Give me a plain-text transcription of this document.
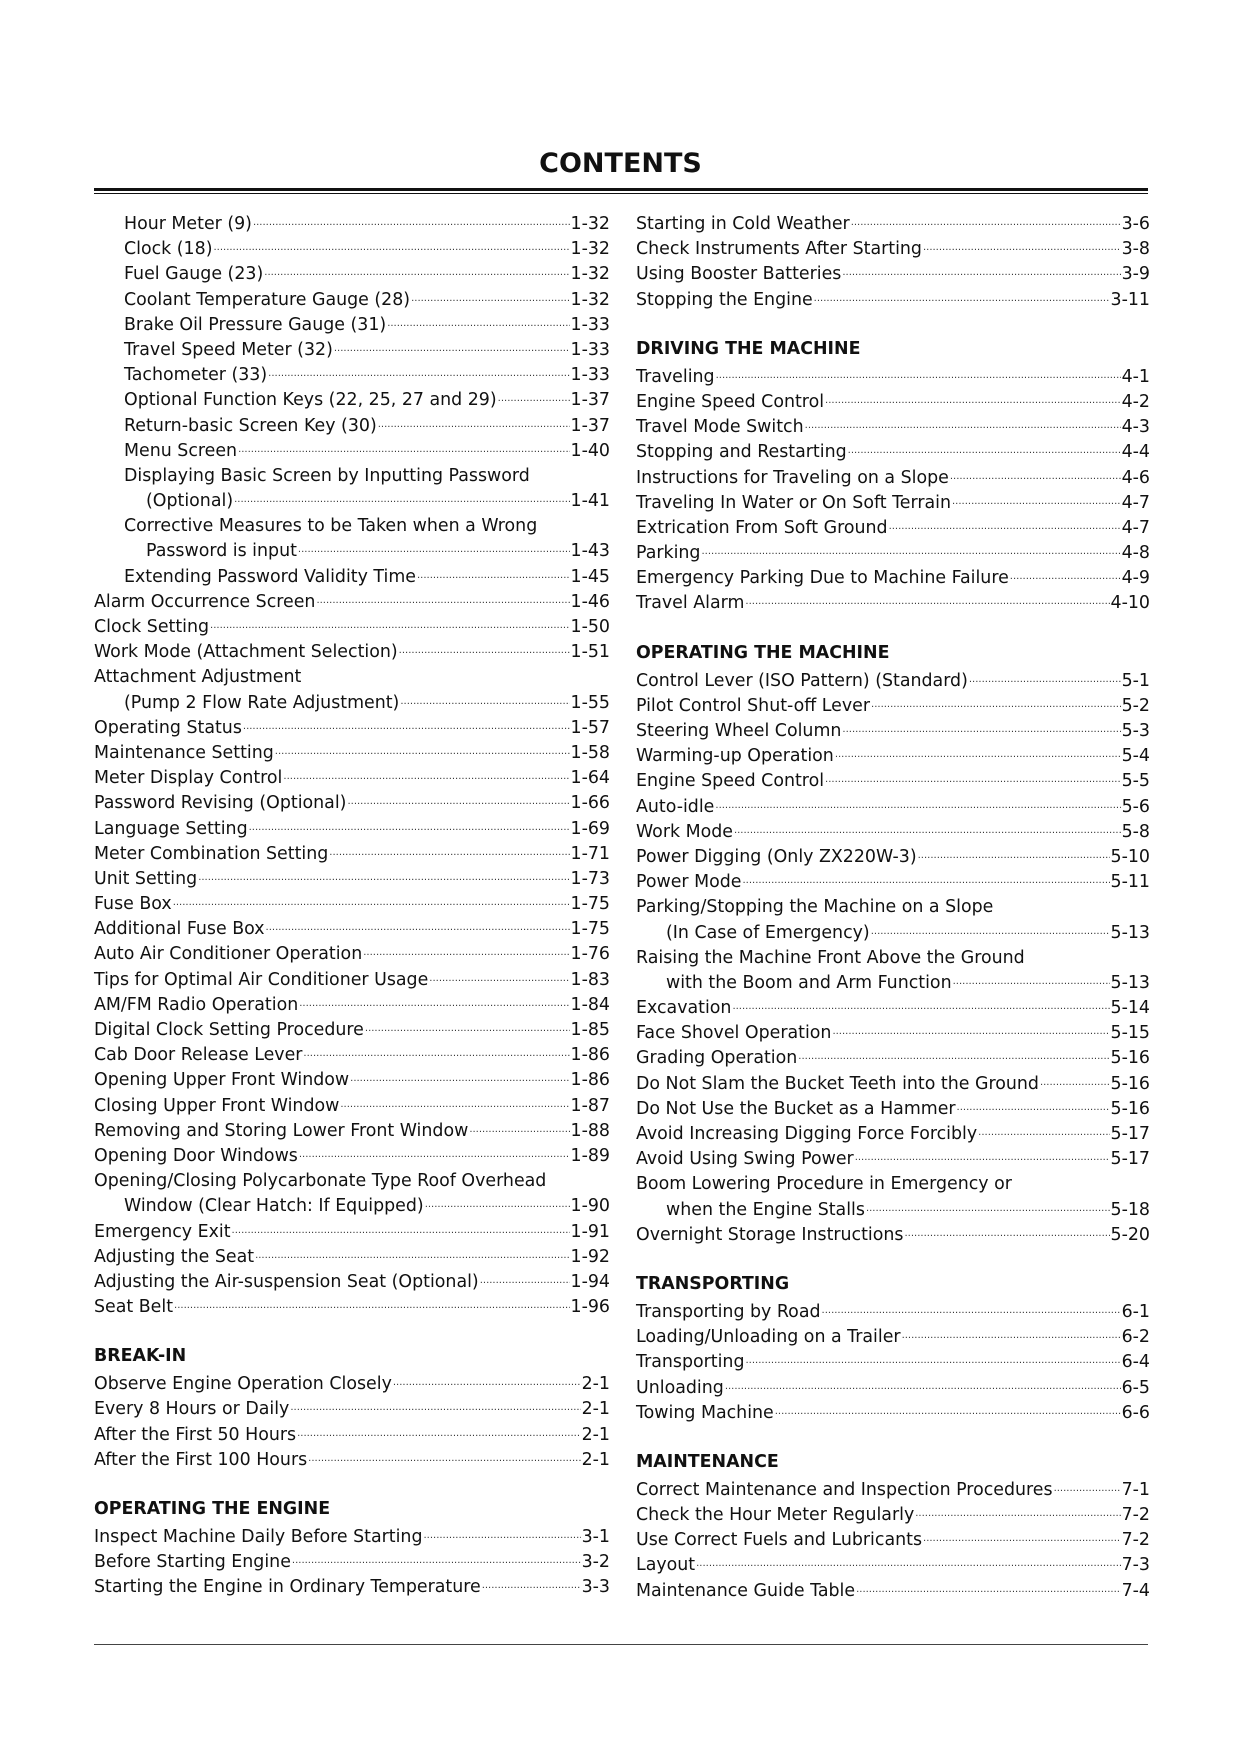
CONTENTS
Hour Meter (9) .....	1-32
Clock (18) .....	1-32
Fuel Gauge (23) .....	1-32
Coolant Temperature Gauge (28) .....	1-32
Brake Oil Pressure Gauge (31) .....	1-33
Travel Speed Meter (32) .....	1-33
Tachometer (33) .....	1-33
Optional Function Keys (22, 25, 27 and 29) .....	1-37
Return-basic Screen Key (30) .....	1-37
Menu Screen .....	1-40
Displaying Basic Screen by Inputting Password
(Optional) .....	1-41
Corrective Measures to be Taken when a Wrong
Password is input .....	1-43
Extending Password Validity Time .....	1-45
Alarm Occurrence Screen .....	1-46
Clock Setting .....	1-50
Work Mode (Attachment Selection) .....	1-51
Attachment Adjustment
(Pump 2 Flow Rate Adjustment) .....	1-55
Operating Status .....	1-57
Maintenance Setting .....	1-58
Meter Display Control .....	1-64
Password Revising (Optional) .....	1-66
Language Setting .....	1-69
Meter Combination Setting .....	1-71
Unit Setting .....	1-73
Fuse Box .....	1-75
Additional Fuse Box .....	1-75
Auto Air Conditioner Operation .....	1-76
Tips for Optimal Air Conditioner Usage .....	1-83
AM/FM Radio Operation .....	1-84
Digital Clock Setting Procedure .....	1-85
Cab Door Release Lever .....	1-86
Opening Upper Front Window .....	1-86
Closing Upper Front Window .....	1-87
Removing and Storing Lower Front Window .....	1-88
Opening Door Windows .....	1-89
Opening/Closing Polycarbonate Type Roof Overhead
Window (Clear Hatch: If Equipped) .....	1-90
Emergency Exit .....	1-91
Adjusting the Seat .....	1-92
Adjusting the Air-suspension Seat (Optional) .....	1-94
Seat Belt .....	1-96
BREAK-IN
Observe Engine Operation Closely .....	2-1
Every 8 Hours or Daily .....	2-1
After the First 50 Hours .....	2-1
After the First 100 Hours .....	2-1
OPERATING THE ENGINE
Inspect Machine Daily Before Starting .....	3-1
Before Starting Engine .....	3-2
Starting the Engine in Ordinary Temperature .....	3-3
Starting in Cold Weather .....	3-6
Check Instruments After Starting .....	3-8
Using Booster Batteries .....	3-9
Stopping the Engine .....	3-11
DRIVING THE MACHINE
Traveling .....	4-1
Engine Speed Control .....	4-2
Travel Mode Switch .....	4-3
Stopping and Restarting .....	4-4
Instructions for Traveling on a Slope .....	4-6
Traveling In Water or On Soft Terrain .....	4-7
Extrication From Soft Ground .....	4-7
Parking .....	4-8
Emergency Parking Due to Machine Failure .....	4-9
Travel Alarm .....	4-10
OPERATING THE MACHINE
Control Lever (ISO Pattern) (Standard) .....	5-1
Pilot Control Shut-off Lever .....	5-2
Steering Wheel Column .....	5-3
Warming-up Operation .....	5-4
Engine Speed Control .....	5-5
Auto-idle .....	5-6
Work Mode .....	5-8
Power Digging (Only ZX220W-3) .....	5-10
Power Mode .....	5-11
Parking/Stopping the Machine on a Slope
(In Case of Emergency) .....	5-13
Raising the Machine Front Above the Ground
with the Boom and Arm Function .....	5-13
Excavation .....	5-14
Face Shovel Operation .....	5-15
Grading Operation .....	5-16
Do Not Slam the Bucket Teeth into the Ground .....	5-16
Do Not Use the Bucket as a Hammer .....	5-16
Avoid Increasing Digging Force Forcibly .....	5-17
Avoid Using Swing Power .....	5-17
Boom Lowering Procedure in Emergency or
when the Engine Stalls .....	5-18
Overnight Storage Instructions .....	5-20
TRANSPORTING
Transporting by Road .....	6-1
Loading/Unloading on a Trailer .....	6-2
Transporting .....	6-4
Unloading .....	6-5
Towing Machine .....	6-6
MAINTENANCE
Correct Maintenance and Inspection Procedures .....	7-1
Check the Hour Meter Regularly .....	7-2
Use Correct Fuels and Lubricants .....	7-2
Layout .....	7-3
Maintenance Guide Table .....	7-4
